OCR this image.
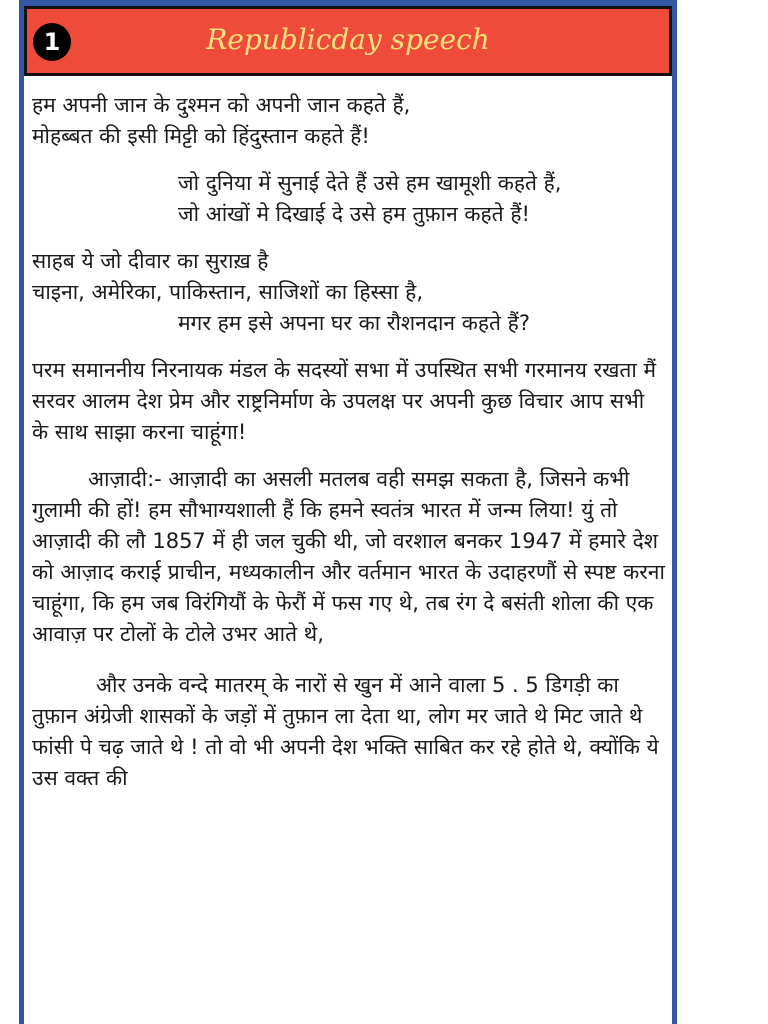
1	Republicday speech

हम अपनी जान के दुश्मन को अपनी जान कहते हैं,

मोहब्बत की इसी मिट्टी को हिंदुस्तान कहते हैं!

जो दुनिया में सुनाई देते हैं उसे हम खामूशी कहते हैं,

जो आंखों मे दिखाई दे उसे हम तुफ़ान कहते हैं!

साहब ये जो दीवार का सुराख़ है

चाइना, अमेरिका, पाकिस्तान, साजिशों का हिस्सा है,

मगर हम इसे अपना घर का रौशनदान कहते हैं?

परम समाननीय निरनायक मंडल के सदस्यों सभा में उपस्थित सभी गरमानय रखता मैं सरवर आलम देश प्रेम और राष्ट्रनिर्माण के उपलक्ष पर अपनी कुछ विचार आप सभी के साथ साझा करना चाहूंगा!

आज़ादी:- आज़ादी का असली मतलब वही समझ सकता है, जिसने कभी गुलामी की हों! हम सौभाग्यशाली हैं कि हमने स्वतंत्र भारत में जन्म लिया! युं तो आज़ादी की लौ 1857 में ही जल चुकी थी, जो वरशाल बनकर 1947 में हमारे देश को आज़ाद कराई प्राचीन, मध्यकालीन और वर्तमान भारत के उदाहरणौं से स्पष्ट करना चाहूंगा, कि हम जब विरंगियौं के फेरौं में फस गए थे, तब रंग दे बसंती शोला की एक आवाज़ पर टोलों के टोले उभर आते थे,

और उनके वन्दे मातरम् के नारों से खुन में आने वाला 5 . 5 डिगड़ी का तुफ़ान अंग्रेजी शासकों के जड़ों में तुफ़ान ला देता था, लोग मर जाते थे मिट जाते थे फांसी पे चढ़ जाते थे ! तो वो भी अपनी देश भक्ति साबित कर रहे होते थे, क्योंकि ये उस वक्त की
